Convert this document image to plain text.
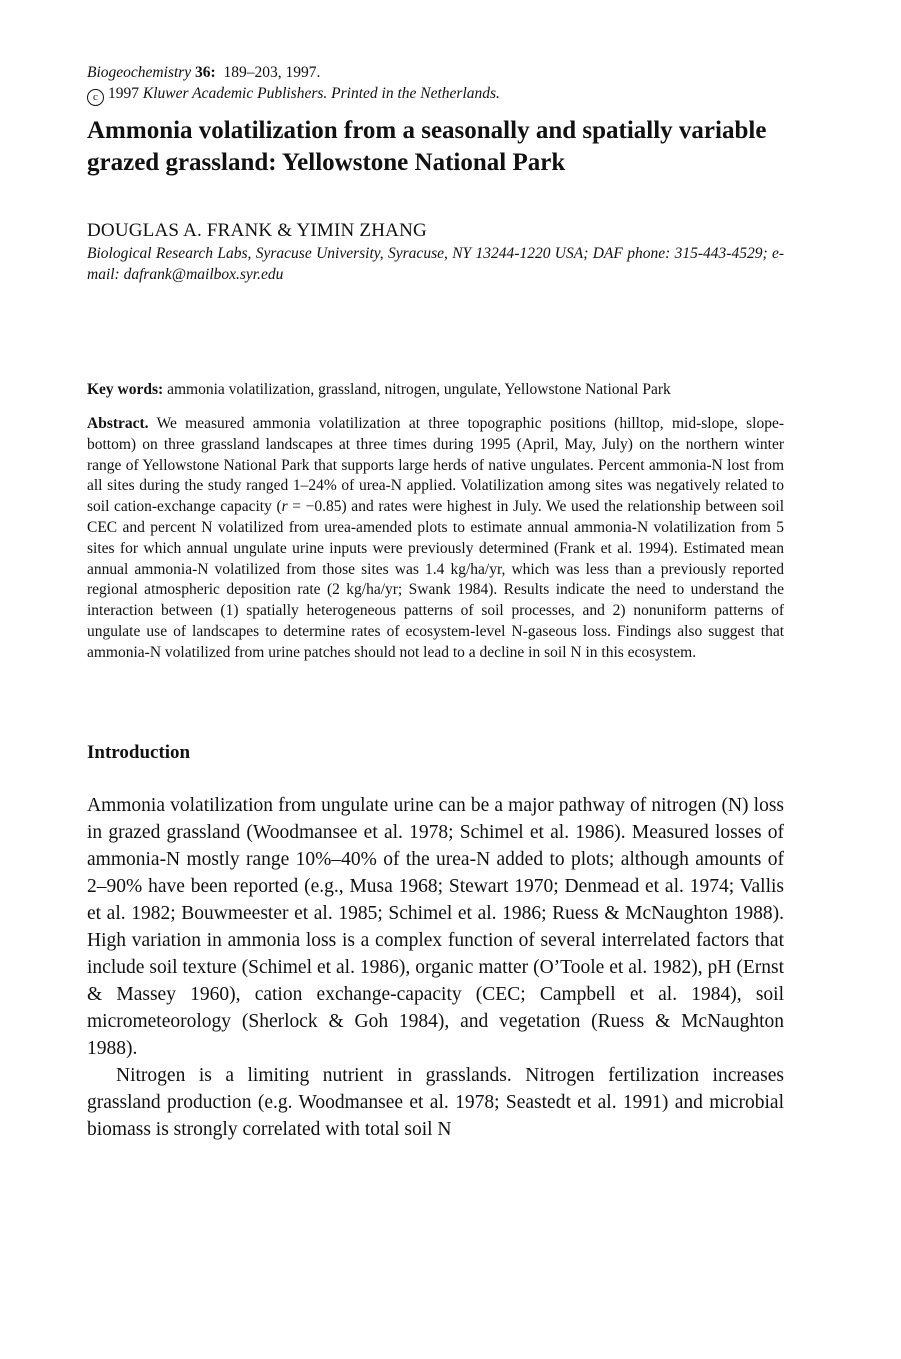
Biogeochemistry 36: 189–203, 1997.
c 1997 Kluwer Academic Publishers. Printed in the Netherlands.
Ammonia volatilization from a seasonally and spatially variable grazed grassland: Yellowstone National Park
DOUGLAS A. FRANK & YIMIN ZHANG
Biological Research Labs, Syracuse University, Syracuse, NY 13244-1220 USA; DAF phone: 315-443-4529; e-mail: dafrank@mailbox.syr.edu
Key words: ammonia volatilization, grassland, nitrogen, ungulate, Yellowstone National Park
Abstract. We measured ammonia volatilization at three topographic positions (hilltop, mid-slope, slope-bottom) on three grassland landscapes at three times during 1995 (April, May, July) on the northern winter range of Yellowstone National Park that supports large herds of native ungulates. Percent ammonia-N lost from all sites during the study ranged 1–24% of urea-N applied. Volatilization among sites was negatively related to soil cation-exchange capacity (r = −0.85) and rates were highest in July. We used the relationship between soil CEC and percent N volatilized from urea-amended plots to estimate annual ammonia-N volatilization from 5 sites for which annual ungulate urine inputs were previously determined (Frank et al. 1994). Estimated mean annual ammonia-N volatilized from those sites was 1.4 kg/ha/yr, which was less than a previously reported regional atmospheric deposition rate (2 kg/ha/yr; Swank 1984). Results indicate the need to understand the interaction between (1) spatially heterogeneous patterns of soil processes, and 2) nonuniform patterns of ungulate use of landscapes to determine rates of ecosystem-level N-gaseous loss. Findings also suggest that ammonia-N volatilized from urine patches should not lead to a decline in soil N in this ecosystem.
Introduction

Ammonia volatilization from ungulate urine can be a major pathway of nitrogen (N) loss in grazed grassland (Woodmansee et al. 1978; Schimel et al. 1986). Measured losses of ammonia-N mostly range 10%–40% of the urea-N added to plots; although amounts of 2–90% have been reported (e.g., Musa 1968; Stewart 1970; Denmead et al. 1974; Vallis et al. 1982; Bouwmeester et al. 1985; Schimel et al. 1986; Ruess & McNaughton 1988). High variation in ammonia loss is a complex function of several interrelated factors that include soil texture (Schimel et al. 1986), organic matter (O’Toole et al. 1982), pH (Ernst & Massey 1960), cation exchange-capacity (CEC; Campbell et al. 1984), soil micrometeorology (Sherlock & Goh 1984), and vegetation (Ruess & McNaughton 1988).

Nitrogen is a limiting nutrient in grasslands. Nitrogen fertilization increases grassland production (e.g. Woodmansee et al. 1978; Seastedt et al. 1991) and microbial biomass is strongly correlated with total soil N
